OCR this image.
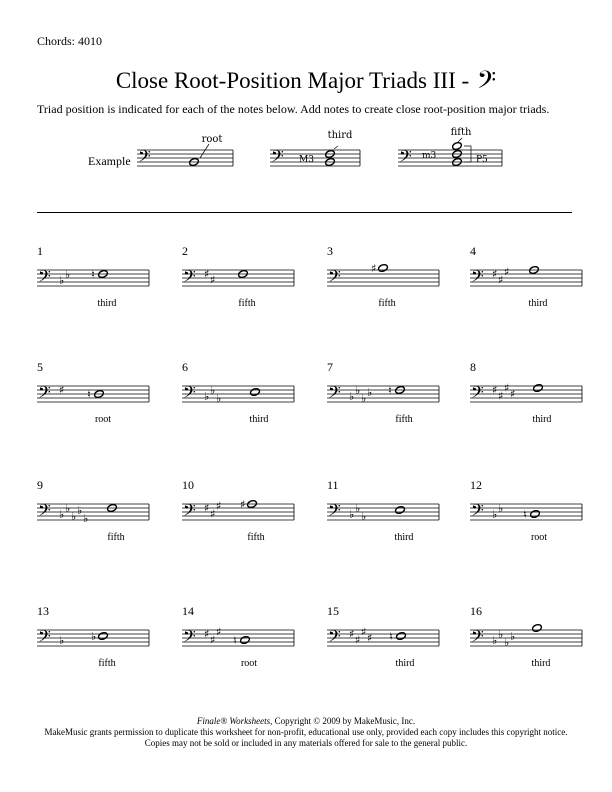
Chords: 4010
Close Root-Position Major Triads III - 𝄢
Triad position is indicated for each of the notes below. Add notes to create close root-position major triads.
Example 𝄢
root
𝄢
third
M3	𝄢
fifth
m3	P5
1
𝄢 ♭ ♭ ♮
third
2
𝄢 ♯ ♯
fifth
3
𝄢	♯
fifth
4
𝄢 ♯ ♯
♯
third
5
𝄢 ♯ ♮
root
6
𝄢 ♭ ♭
♭
third
7
𝄢 ♭ ♭
♭ ♭ ♮
fifth
8
𝄢 ♯ ♯
♯ ♯
third
9
𝄢 ♭ ♭
♭ ♭
♭
fifth
10
𝄢 ♯ ♯
♯ ♯
fifth
11
𝄢 ♭ ♭
♭
third
12
𝄢 ♭ ♭ ♮
root
13
𝄢 ♭ ♭
fifth
14
𝄢 ♯ ♯
♯
♮
root
15
𝄢 ♯ ♯
♯ ♯ ♮
third
16
𝄢 ♭ ♭
♭ ♭
third
Finale® Worksheets, Copyright © 2009 by MakeMusic, Inc.
MakeMusic grants permission to duplicate this worksheet for non-profit, educational use only, provided each copy includes this copyright notice.
Copies may not be sold or included in any materials offered for sale to the general public.
